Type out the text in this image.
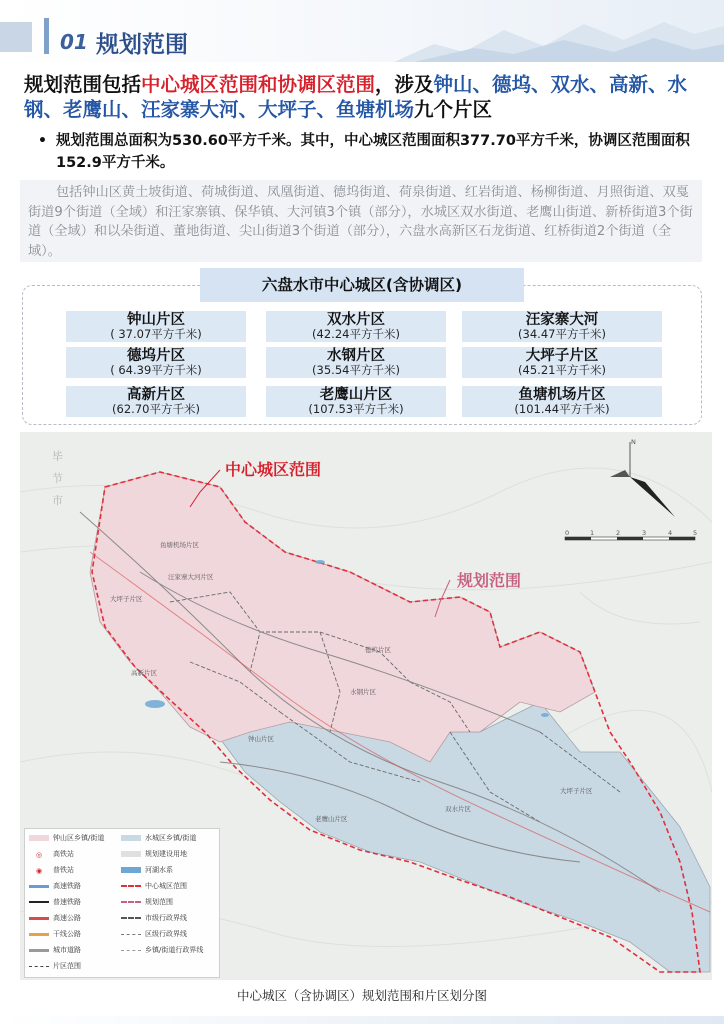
01 规划范围
规划范围包括中心城区范围和协调区范围，涉及钟山、德坞、双水、高新、水钢、老鹰山、汪家寨大河、大坪子、鱼塘机场九个片区
• 规划范围总面积为530.60平方千米。其中，中心城区范围面积377.70平方千米，协调区范围面积152.9平方千米。
包括钟山区黄土坡街道、荷城街道、凤凰街道、德坞街道、荷泉街道、红岩街道、杨柳街道、月照街道、双戛街道9个街道（全域）和汪家寨镇、保华镇、大河镇3个镇（部分），水城区双水街道、老鹰山街道、新桥街道3个街道（全域）和以朵街道、董地街道、尖山街道3个街道（部分），六盘水高新区石龙街道、红桥街道2个街道（全域）。
六盘水市中心城区(含协调区)
钟山片区
( 37.07平方千米)
双水片区
(42.24平方千米)
汪家寨大河
(34.47平方千米)
德坞片区
( 64.39平方千米)
水钢片区
(35.54平方千米)
大坪子片区
(45.21平方千米)
高新片区
(62.70平方千米)
老鹰山片区
(107.53平方千米)
鱼塘机场片区
(101.44平方千米)
中心城区范围
规划范围
N
0	1	2	3	4	5
毕节市
鱼塘机场片区
汪家寨大河片区
大坪子片区
德坞片区
高新片区
钟山片区
水钢片区
老鹰山片区
双水片区
大坪子片区
钟山区乡镇/街道	水城区乡镇/街道
◎ 高铁站	规划建设用地
◉ 普铁站	河湖水系
高速铁路	中心城区范围
普速铁路	规划范围
高速公路	市级行政界线
干线公路	区级行政界线
城市道路	乡镇/街道行政界线
片区范围
中心城区（含协调区）规划范围和片区划分图
